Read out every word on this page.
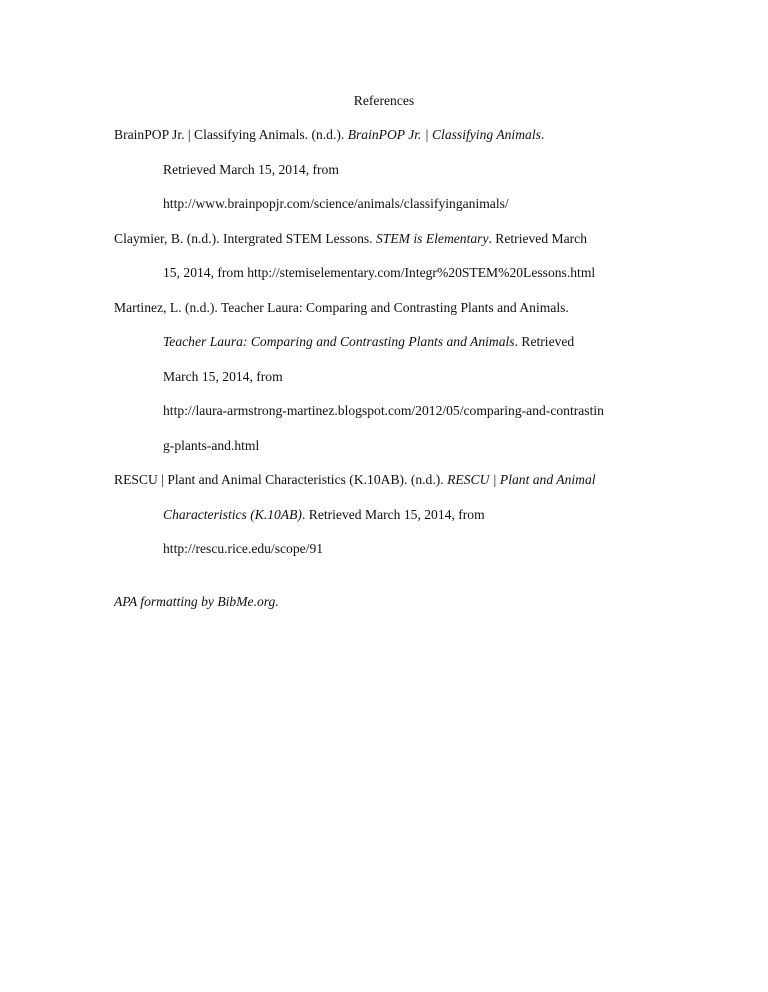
References
BrainPOP Jr. | Classifying Animals. (n.d.). BrainPOP Jr. | Classifying Animals.
Retrieved March 15, 2014, from
http://www.brainpopjr.com/science/animals/classifyinganimals/
Claymier, B. (n.d.). Intergrated STEM Lessons. STEM is Elementary. Retrieved March
15, 2014, from http://stemiselementary.com/Integr%20STEM%20Lessons.html
Martinez, L. (n.d.). Teacher Laura: Comparing and Contrasting Plants and Animals.
Teacher Laura: Comparing and Contrasting Plants and Animals. Retrieved
March 15, 2014, from
http://laura-armstrong-martinez.blogspot.com/2012/05/comparing-and-contrastin
g-plants-and.html
RESCU | Plant and Animal Characteristics (K.10AB). (n.d.). RESCU | Plant and Animal
Characteristics (K.10AB). Retrieved March 15, 2014, from
http://rescu.rice.edu/scope/91
APA formatting by BibMe.org.
